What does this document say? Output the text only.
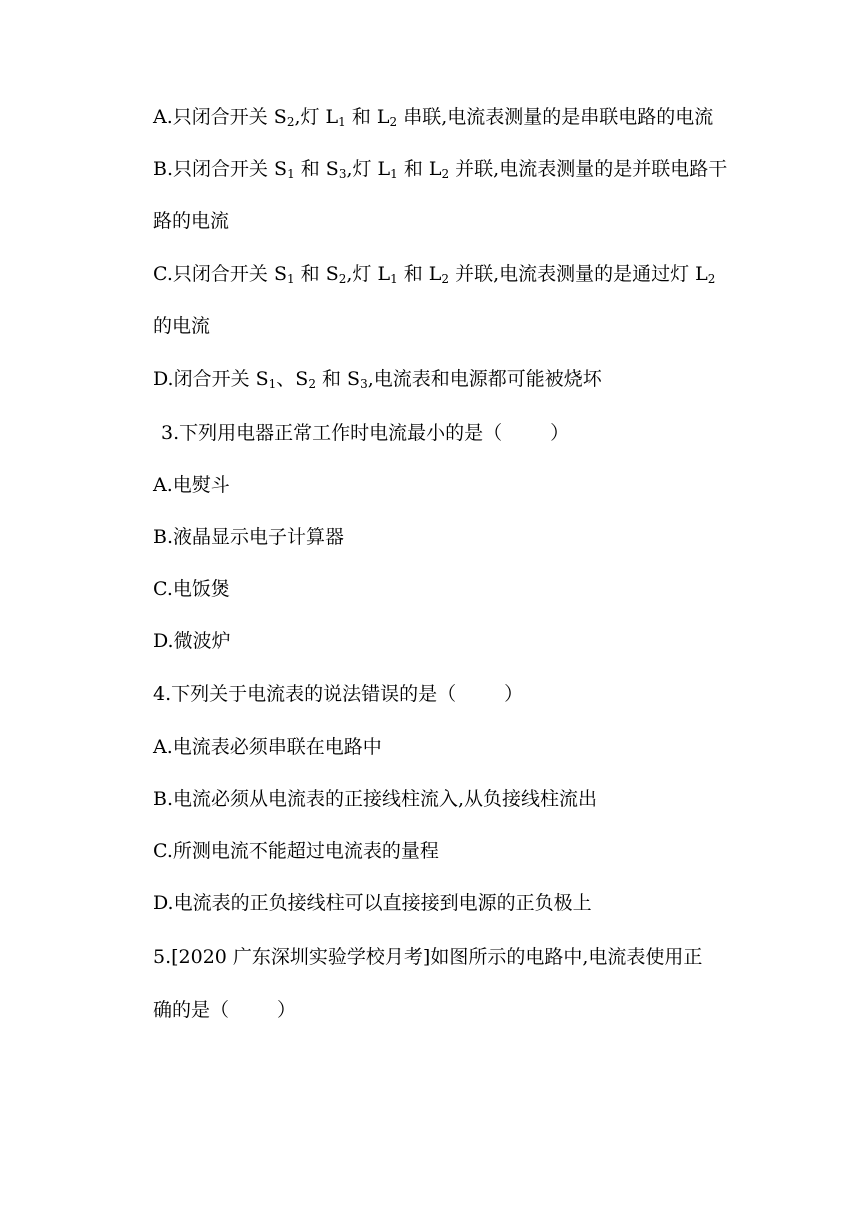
A.只闭合开关 $S_2$,灯 $L_1$ 和 $L_2$ 串联,电流表测量的是串联电路的电流
B.只闭合开关 $S_1$ 和 $S_3$,灯 $L_1$ 和 $L_2$ 并联,电流表测量的是并联电路干
路的电流
C.只闭合开关 $S_1$ 和 $S_2$,灯 $L_1$ 和 $L_2$ 并联,电流表测量的是通过灯 $L_2$
的电流
D.闭合开关 $S_1$、$S_2$ 和 $S_3$,电流表和电源都可能被烧坏
3.下列用电器正常工作时电流最小的是（	）
A.电熨斗
B.液晶显示电子计算器
C.电饭煲
D.微波炉
4.下列关于电流表的说法错误的是（	）
A.电流表必须串联在电路中
B.电流必须从电流表的正接线柱流入,从负接线柱流出
C.所测电流不能超过电流表的量程
D.电流表的正负接线柱可以直接接到电源的正负极上
5.[2020 广东深圳实验学校月考]如图所示的电路中,电流表使用正
确的是（	）
